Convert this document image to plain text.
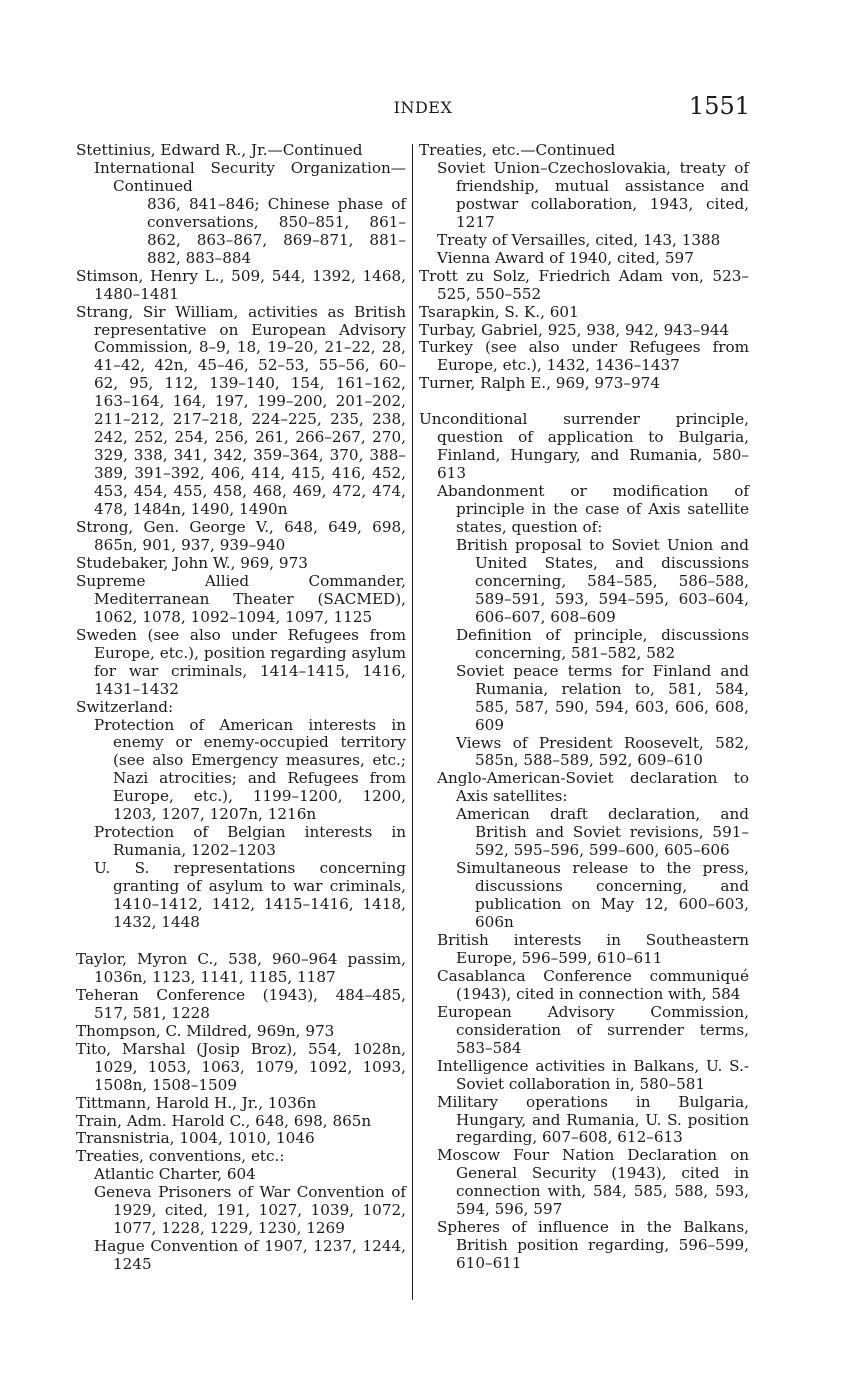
INDEX	1551
Stettinius, Edward R., Jr.—Continued
International Security Organization—Continued
836, 841–846; Chinese phase of conversations, 850–851, 861–862, 863–867, 869–871, 881–882, 883–884
Stimson, Henry L., 509, 544, 1392, 1468, 1480–1481
Strang, Sir William, activities as British representative on European Advisory Commission, 8–9, 18, 19–20, 21–22, 28, 41–42, 42n, 45–46, 52–53, 55–56, 60–62, 95, 112, 139–140, 154, 161–162, 163–164, 164, 197, 199–200, 201–202, 211–212, 217–218, 224–225, 235, 238, 242, 252, 254, 256, 261, 266–267, 270, 329, 338, 341, 342, 359–364, 370, 388–389, 391–392, 406, 414, 415, 416, 452, 453, 454, 455, 458, 468, 469, 472, 474, 478, 1484n, 1490, 1490n
Strong, Gen. George V., 648, 649, 698, 865n, 901, 937, 939–940
Studebaker, John W., 969, 973
Supreme Allied Commander, Mediterranean Theater (SACMED), 1062, 1078, 1092–1094, 1097, 1125
Sweden (see also under Refugees from Europe, etc.), position regarding asylum for war criminals, 1414–1415, 1416, 1431–1432
Switzerland:
Protection of American interests in enemy or enemy-occupied territory (see also Emergency measures, etc.; Nazi atrocities; and Refugees from Europe, etc.), 1199–1200, 1200, 1203, 1207, 1207n, 1216n
Protection of Belgian interests in Rumania, 1202–1203
U. S. representations concerning granting of asylum to war criminals, 1410–1412, 1412, 1415–1416, 1418, 1432, 1448
Taylor, Myron C., 538, 960–964 passim, 1036n, 1123, 1141, 1185, 1187
Teheran Conference (1943), 484–485, 517, 581, 1228
Thompson, C. Mildred, 969n, 973
Tito, Marshal (Josip Broz), 554, 1028n, 1029, 1053, 1063, 1079, 1092, 1093, 1508n, 1508–1509
Tittmann, Harold H., Jr., 1036n
Train, Adm. Harold C., 648, 698, 865n
Transnistria, 1004, 1010, 1046
Treaties, conventions, etc.:
Atlantic Charter, 604
Geneva Prisoners of War Convention of 1929, cited, 191, 1027, 1039, 1072, 1077, 1228, 1229, 1230, 1269
Hague Convention of 1907, 1237, 1244, 1245
Treaties, etc.—Continued
Soviet Union–Czechoslovakia, treaty of friendship, mutual assistance and postwar collaboration, 1943, cited, 1217
Treaty of Versailles, cited, 143, 1388
Vienna Award of 1940, cited, 597
Trott zu Solz, Friedrich Adam von, 523–525, 550–552
Tsarapkin, S. K., 601
Turbay, Gabriel, 925, 938, 942, 943–944
Turkey (see also under Refugees from Europe, etc.), 1432, 1436–1437
Turner, Ralph E., 969, 973–974
Unconditional surrender principle, question of application to Bulgaria, Finland, Hungary, and Rumania, 580–613
Abandonment or modification of principle in the case of Axis satellite states, question of:
British proposal to Soviet Union and United States, and discussions concerning, 584–585, 586–588, 589–591, 593, 594–595, 603–604, 606–607, 608–609
Definition of principle, discussions concerning, 581–582, 582
Soviet peace terms for Finland and Rumania, relation to, 581, 584, 585, 587, 590, 594, 603, 606, 608, 609
Views of President Roosevelt, 582, 585n, 588–589, 592, 609–610
Anglo-American-Soviet declaration to Axis satellites:
American draft declaration, and British and Soviet revisions, 591–592, 595–596, 599–600, 605–606
Simultaneous release to the press, discussions concerning, and publication on May 12, 600–603, 606n
British interests in Southeastern Europe, 596–599, 610–611
Casablanca Conference communiqué (1943), cited in connection with, 584
European Advisory Commission, consideration of surrender terms, 583–584
Intelligence activities in Balkans, U. S.-Soviet collaboration in, 580–581
Military operations in Bulgaria, Hungary, and Rumania, U. S. position regarding, 607–608, 612–613
Moscow Four Nation Declaration on General Security (1943), cited in connection with, 584, 585, 588, 593, 594, 596, 597
Spheres of influence in the Balkans, British position regarding, 596–599, 610–611
